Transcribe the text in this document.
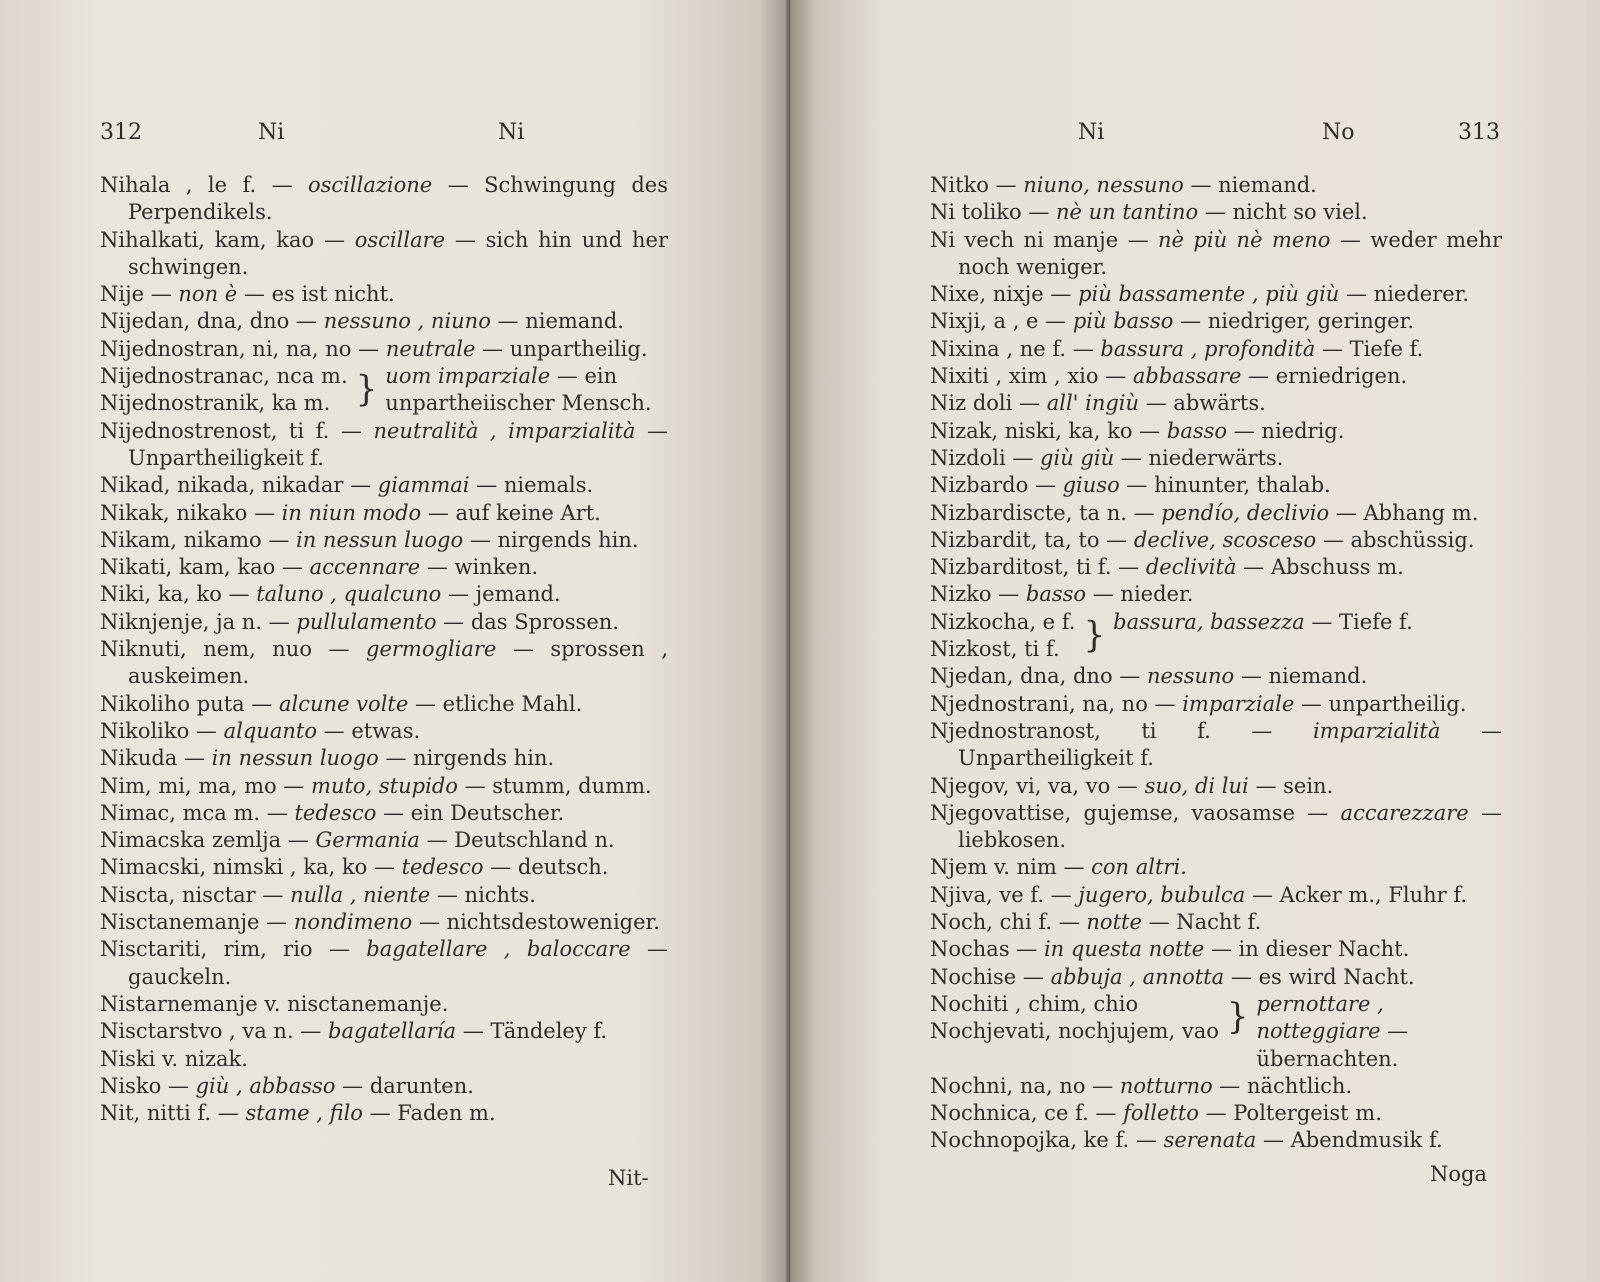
312	Ni	Ni

Nihala , le f. — oscillazione — Schwingung des Perpendikels.

Nihalkati, kam, kao — oscillare — sich hin und her schwingen.

Nije — non è — es ist nicht.

Nijedan, dna, dno — nessuno , niuno — niemand.

Nijednostran, ni, na, no — neutrale — unpartheilig.

Nijednostranac, nca m.
Nijednostranik, ka m. } uom imparziale — ein unpartheiischer Mensch.

Nijednostrenost, ti f. — neutralità , imparzialità — Unpartheiligkeit f.

Nikad, nikada, nikadar — giammai — niemals.

Nikak, nikako — in niun modo — auf keine Art.

Nikam, nikamo — in nessun luogo — nirgends hin.

Nikati, kam, kao — accennare — winken.

Niki, ka, ko — taluno , qualcuno — jemand.

Niknjenje, ja n. — pullulamento — das Sprossen.

Niknuti, nem, nuo — germogliare — sprossen , auskeimen.

Nikoliho puta — alcune volte — etliche Mahl.

Nikoliko — alquanto — etwas.

Nikuda — in nessun luogo — nirgends hin.

Nim, mi, ma, mo — muto, stupido — stumm, dumm.

Nimac, mca m. — tedesco — ein Deutscher.

Nimacska zemlja — Germania — Deutschland n.

Nimacski, nimski , ka, ko — tedesco — deutsch.

Niscta, nisctar — nulla , niente — nichts.

Nisctanemanje — nondimeno — nichtsdestoweniger.

Nisctariti, rim, rio — bagatellare , baloccare — gauckeln.

Nistarnemanje v. nisctanemanje.

Nisctarstvo , va n. — bagatellaría — Tändeley f.

Niski v. nizak.

Nisko — giù , abbasso — darunten.

Nit, nitti f. — stame , filo — Faden m.

Nit-
Ni	No	313

Nitko — niuno, nessuno — niemand.

Ni toliko — nè un tantino — nicht so viel.

Ni vech ni manje — nè più nè meno — weder mehr noch weniger.

Nixe, nixje — più bassamente , più giù — niederer.

Nixji, a , e — più basso — niedriger, geringer.

Nixina , ne f. — bassura , profondità — Tiefe f.

Nixiti , xim , xio — abbassare — erniedrigen.

Niz doli — all' ingiù — abwärts.

Nizak, niski, ka, ko — basso — niedrig.

Nizdoli — giù giù — niederwärts.

Nizbardo — giuso — hinunter, thalab.

Nizbardiscte, ta n. — pendío, declivio — Abhang m.

Nizbardit, ta, to — declive, scosceso — abschüssig.

Nizbarditost, ti f. — declività — Abschuss m.

Nizko — basso — nieder.

Nizkocha, e f.
Nizkost, ti f. } bassura, bassezza — Tiefe f.

Njedan, dna, dno — nessuno — niemand.

Njednostrani, na, no — imparziale — unpartheilig.

Njednostranost, ti f. — imparzialità — Unpartheiligkeit f.

Njegov, vi, va, vo — suo, di lui — sein.

Njegovattise, gujemse, vaosamse — accarezzare — liebkosen.

Njem v. nim — con altri.

Njiva, ve f. — jugero, bubulca — Acker m., Fluhr f.

Noch, chi f. — notte — Nacht f.

Nochas — in questa notte — in dieser Nacht.

Nochise — abbuja , annotta — es wird Nacht.

Nochiti , chim, chio
Nochjevati, nochjujem, vao } pernottare , nottеggiare — übernachten.

Nochni, na, no — notturno — nächtlich.

Nochnica, ce f. — folletto — Poltergeist m.

Nochnopojka, ke f. — serenata — Abendmusik f.

Noga
